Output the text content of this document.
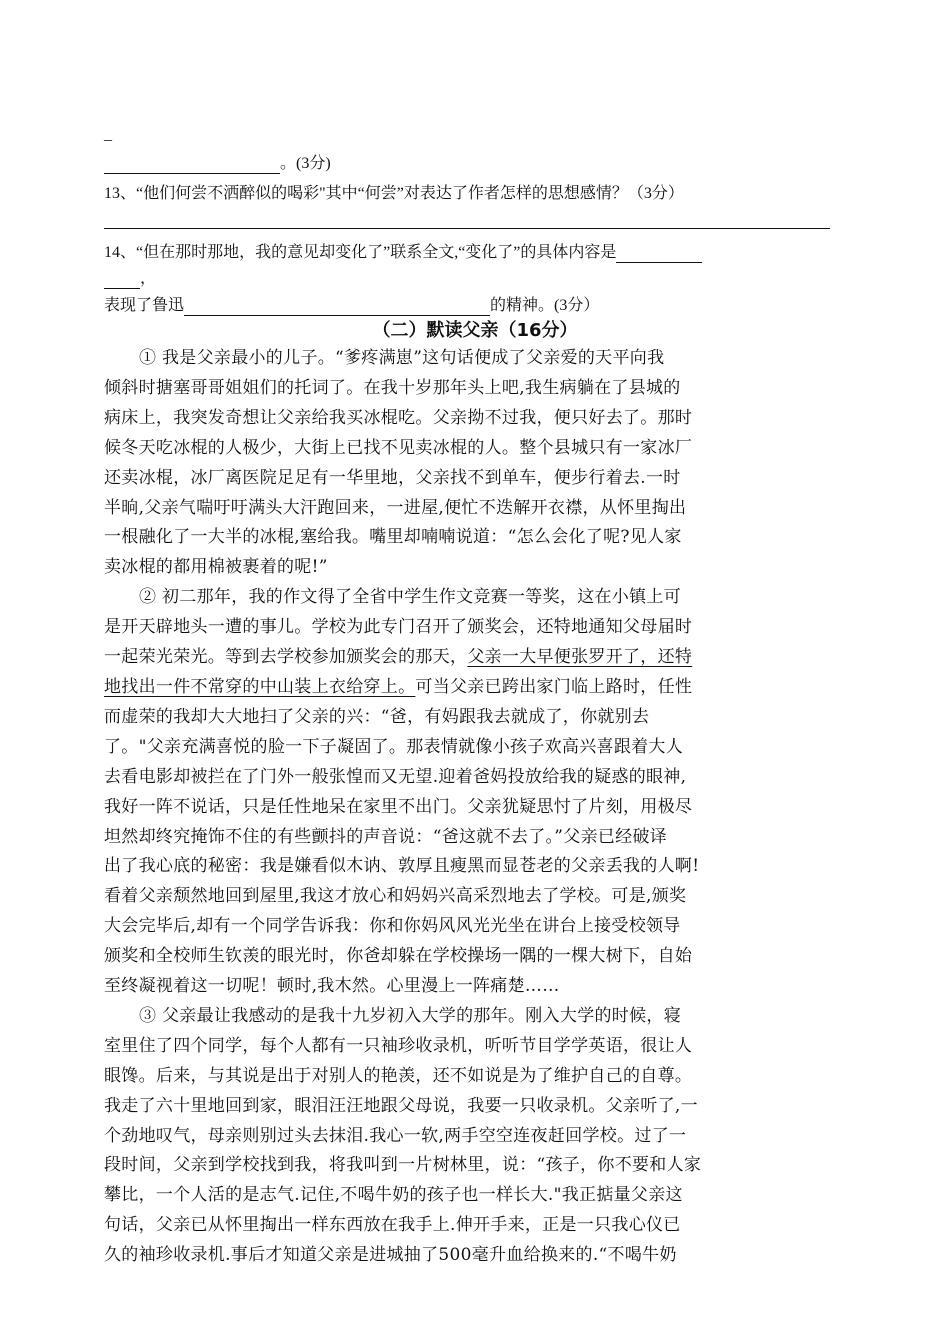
_
。(3分)
13、“他们何尝不洒醉似的喝彩"其中“何尝”对表达了作者怎样的思想感情？（3分）

14、“但在那时那地，我的意见却变化了”联系全文,“变化了”的具体内容是
，
表现了鲁迅	的精神。(3分）
（二）默读父亲（16分）
① 我是父亲最小的儿子。“爹疼满崽”这句话便成了父亲爱的天平向我
倾斜时搪塞哥哥姐姐们的托词了。在我十岁那年头上吧,我生病躺在了县城的
病床上，我突发奇想让父亲给我买冰棍吃。父亲拗不过我，便只好去了。那时
候冬天吃冰棍的人极少，大街上已找不见卖冰棍的人。整个县城只有一家冰厂
还卖冰棍，冰厂离医院足足有一华里地，父亲找不到单车，便步行着去.一时
半晌,父亲气喘吁吁满头大汗跑回来，一进屋,便忙不迭解开衣襟，从怀里掏出
一根融化了一大半的冰棍,塞给我。嘴里却喃喃说道：“怎么会化了呢?见人家
卖冰棍的都用棉被裹着的呢!”
② 初二那年，我的作文得了全省中学生作文竞赛一等奖，这在小镇上可
是开天辟地头一遭的事儿。学校为此专门召开了颁奖会，还特地通知父母届时
一起荣光荣光。等到去学校参加颁奖会的那天，父亲一大早便张罗开了，还特
地找出一件不常穿的中山装上衣给穿上。可当父亲已跨出家门临上路时，任性
而虚荣的我却大大地扫了父亲的兴：“爸，有妈跟我去就成了，你就别去
了。"父亲充满喜悦的脸一下子凝固了。那表情就像小孩子欢高兴喜跟着大人
去看电影却被拦在了门外一般张惶而又无望.迎着爸妈投放给我的疑惑的眼神,
我好一阵不说话，只是任性地呆在家里不出门。父亲犹疑思忖了片刻，用极尽
坦然却终究掩饰不住的有些颤抖的声音说：“爸这就不去了。”父亲已经破译
出了我心底的秘密：我是嫌看似木讷、敦厚且瘦黑而显苍老的父亲丢我的人啊!
看着父亲颓然地回到屋里,我这才放心和妈妈兴高采烈地去了学校。可是,颁奖
大会完毕后,却有一个同学告诉我：你和你妈风风光光坐在讲台上接受校领导
颁奖和全校师生钦羡的眼光时，你爸却躲在学校操场一隅的一棵大树下，自始
至终凝视着这一切呢！顿时,我木然。心里漫上一阵痛楚……
③ 父亲最让我感动的是我十九岁初入大学的那年。刚入大学的时候，寝
室里住了四个同学，每个人都有一只袖珍收录机，听听节目学学英语，很让人
眼馋。后来，与其说是出于对别人的艳羡，还不如说是为了维护自己的自尊。
我走了六十里地回到家，眼泪汪汪地跟父母说，我要一只收录机。父亲听了,一
个劲地叹气，母亲则别过头去抹泪.我心一软,两手空空连夜赶回学校。过了一
段时间，父亲到学校找到我，将我叫到一片树林里，说：“孩子，你不要和人家
攀比，一个人活的是志气.记住,不喝牛奶的孩子也一样长大."我正掂量父亲这
句话，父亲已从怀里掏出一样东西放在我手上.伸开手来，正是一只我心仪已
久的袖珍收录机.事后才知道父亲是进城抽了500毫升血给换来的.“不喝牛奶
